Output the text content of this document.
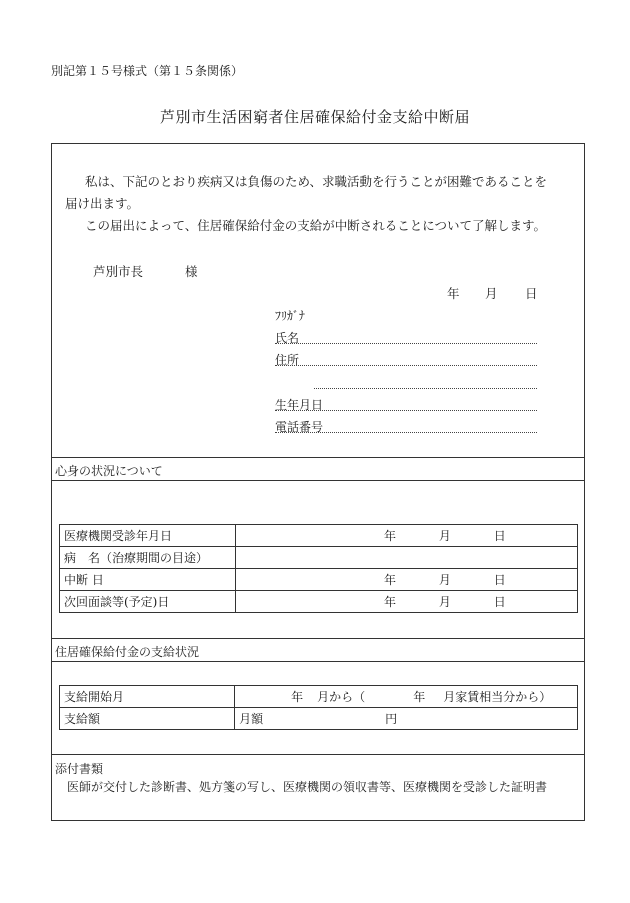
別記第１５号様式（第１５条関係）
芦別市生活困窮者住居確保給付金支給中断届
私は、下記のとおり疾病又は負傷のため、求職活動を行うことが困難であることを
届け出ます。
この届出によって、住居確保給付金の支給が中断されることについて了解します。
芦別市長	様
年 月 日
ﾌﾘｶﾞﾅ
氏名
住所
生年月日
電話番号
心身の状況について
医療機関受診年月日		年	月	日
病　名（治療期間の目途）				
中断 日		年	月	日
次回面談等(予定)日		年	月	日
住居確保給付金の支給状況
支給開始月	年 月から（ 年 月家賃相当分から）
支給額	月額 円
添付書類
医師が交付した診断書、処方箋の写し、医療機関の領収書等、医療機関を受診した証明書
